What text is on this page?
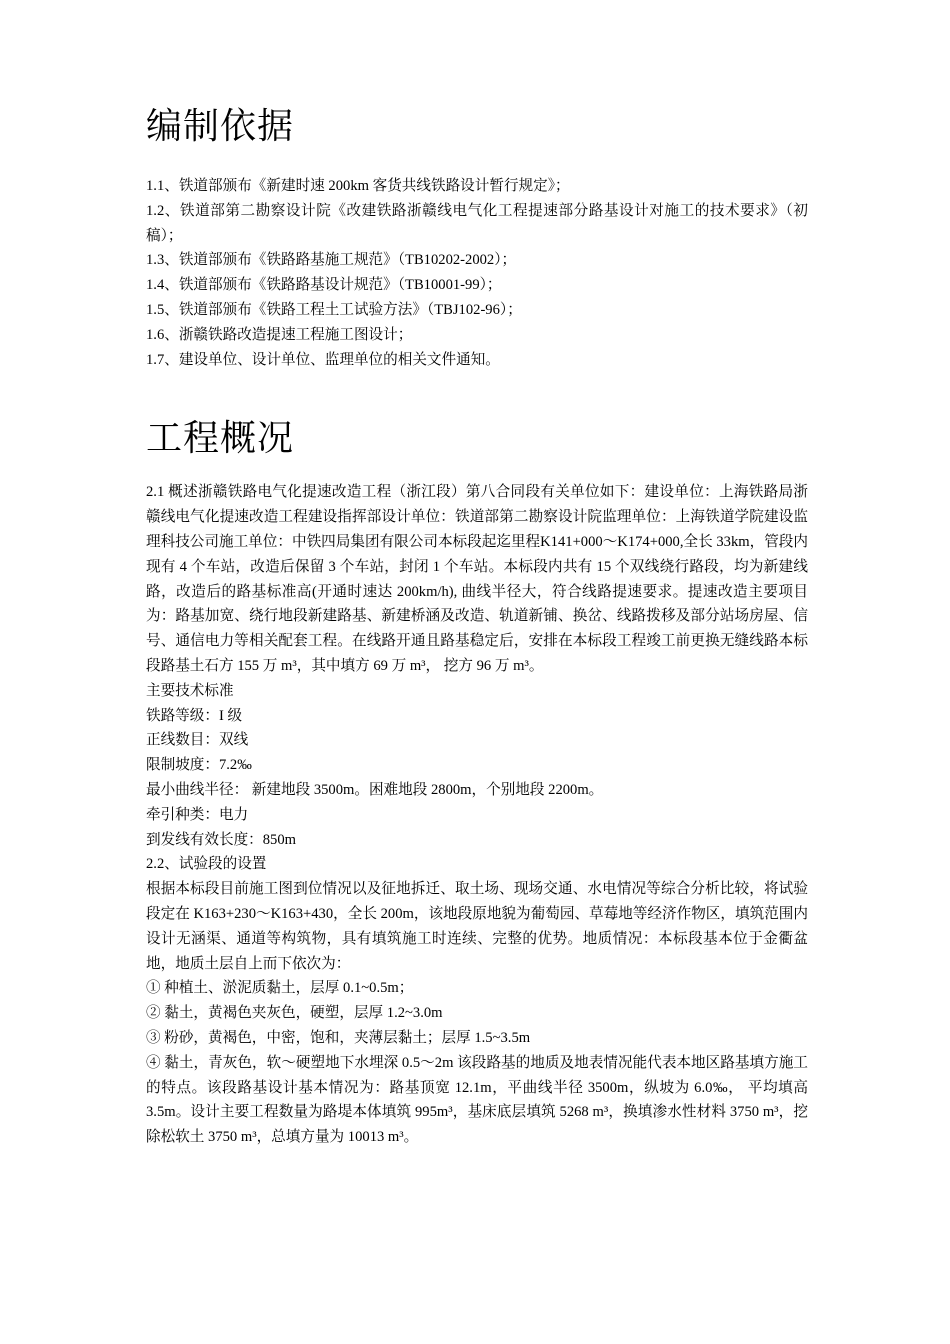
编制依据

1.1、铁道部颁布《新建时速 200km 客货共线铁路设计暂行规定》；

1.2、铁道部第二勘察设计院《改建铁路浙赣线电气化工程提速部分路基设计对施工的技术要求》（初稿）；

1.3、铁道部颁布《铁路路基施工规范》（TB10202-2002）；

1.4、铁道部颁布《铁路路基设计规范》（TB10001-99）；

1.5、铁道部颁布《铁路工程土工试验方法》（TBJ102-96）；

1.6、浙赣铁路改造提速工程施工图设计；

1.7、建设单位、设计单位、监理单位的相关文件通知。

工程概况

2.1 概述浙赣铁路电气化提速改造工程（浙江段）第八合同段有关单位如下：建设单位：上海铁路局浙赣线电气化提速改造工程建设指挥部设计单位：铁道部第二勘察设计院监理单位：上海铁道学院建设监理科技公司施工单位：中铁四局集团有限公司本标段起迄里程K141+000～K174+000,全长 33km，管段内现有 4 个车站，改造后保留 3 个车站，封闭 1 个车站。本标段内共有 15 个双线绕行路段，均为新建线路，改造后的路基标准高(开通时速达 200km/h), 曲线半径大，符合线路提速要求。提速改造主要项目为：路基加宽、绕行地段新建路基、新建桥涵及改造、轨道新铺、换岔、线路拨移及部分站场房屋、信号、通信电力等相关配套工程。在线路开通且路基稳定后，安排在本标段工程竣工前更换无缝线路本标段路基土石方 155 万 m³，其中填方 69 万 m³， 挖方 96 万 m³。

主要技术标准

铁路等级：I 级

正线数目：双线

限制坡度：7.2‰

最小曲线半径： 新建地段 3500m。困难地段 2800m，个别地段 2200m。

牵引种类：电力

到发线有效长度：850m

2.2、试验段的设置

根据本标段目前施工图到位情况以及征地拆迁、取土场、现场交通、水电情况等综合分析比较，将试验段定在 K163+230～K163+430，全长 200m，该地段原地貌为葡萄园、草莓地等经济作物区，填筑范围内设计无涵渠、通道等构筑物，具有填筑施工时连续、完整的优势。地质情况：本标段基本位于金衢盆地，地质土层自上而下依次为：

① 种植土、淤泥质黏土，层厚 0.1~0.5m；

② 黏土，黄褐色夹灰色，硬塑，层厚 1.2~3.0m

③ 粉砂，黄褐色，中密，饱和，夹薄层黏土；层厚 1.5~3.5m

④ 黏土，青灰色，软～硬塑地下水埋深 0.5～2m 该段路基的地质及地表情况能代表本地区路基填方施工的特点。该段路基设计基本情况为：路基顶宽 12.1m，平曲线半径 3500m，纵坡为 6.0‰， 平均填高 3.5m。设计主要工程数量为路堤本体填筑 995m³，基床底层填筑 5268 m³，换填渗水性材料 3750 m³，挖除松软土 3750 m³，总填方量为 10013 m³。
